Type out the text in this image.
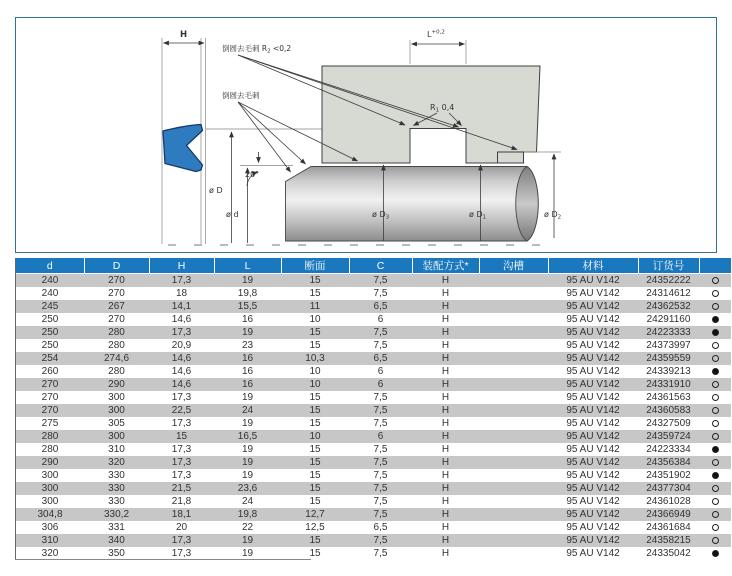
H
ø D
ø d
20°
$L^{+0,2}$
R1 0,4
倒圆去毛刺 $R_2 <0,2$
倒圆去毛刺
ø D3	ø D1	ø D2
d	D	H	L	断面	C	装配方式*	沟槽	材料	订货号	
240	270	17,3	19	15	7,5	H		95 AU V142	24352222	
240	270	18	19,8	15	7,5	H		95 AU V142	24314612	
245	267	14,1	15,5	11	6,5	H		95 AU V142	24362532	
250	270	14,6	16	10	6	H		95 AU V142	24291160	
250	280	17,3	19	15	7,5	H		95 AU V142	24223333	
250	280	20,9	23	15	7,5	H		95 AU V142	24373997	
254	274,6	14,6	16	10,3	6,5	H		95 AU V142	24359559	
260	280	14,6	16	10	6	H		95 AU V142	24339213	
270	290	14,6	16	10	6	H		95 AU V142	24331910	
270	300	17,3	19	15	7,5	H		95 AU V142	24361563	
270	300	22,5	24	15	7,5	H		95 AU V142	24360583	
275	305	17,3	19	15	7,5	H		95 AU V142	24327509	
280	300	15	16,5	10	6	H		95 AU V142	24359724	
280	310	17,3	19	15	7,5	H		95 AU V142	24223334	
290	320	17,3	19	15	7,5	H		95 AU V142	24356384	
300	330	17,3	19	15	7,5	H		95 AU V142	24351902	
300	330	21,5	23,6	15	7,5	H		95 AU V142	24377304	
300	330	21,8	24	15	7,5	H		95 AU V142	24361028	
304,8	330,2	18,1	19,8	12,7	7,5	H		95 AU V142	24366949	
306	331	20	22	12,5	6,5	H		95 AU V142	24361684	
310	340	17,3	19	15	7,5	H		95 AU V142	24358215	
320	350	17,3	19	15	7,5	H		95 AU V142	24335042	
